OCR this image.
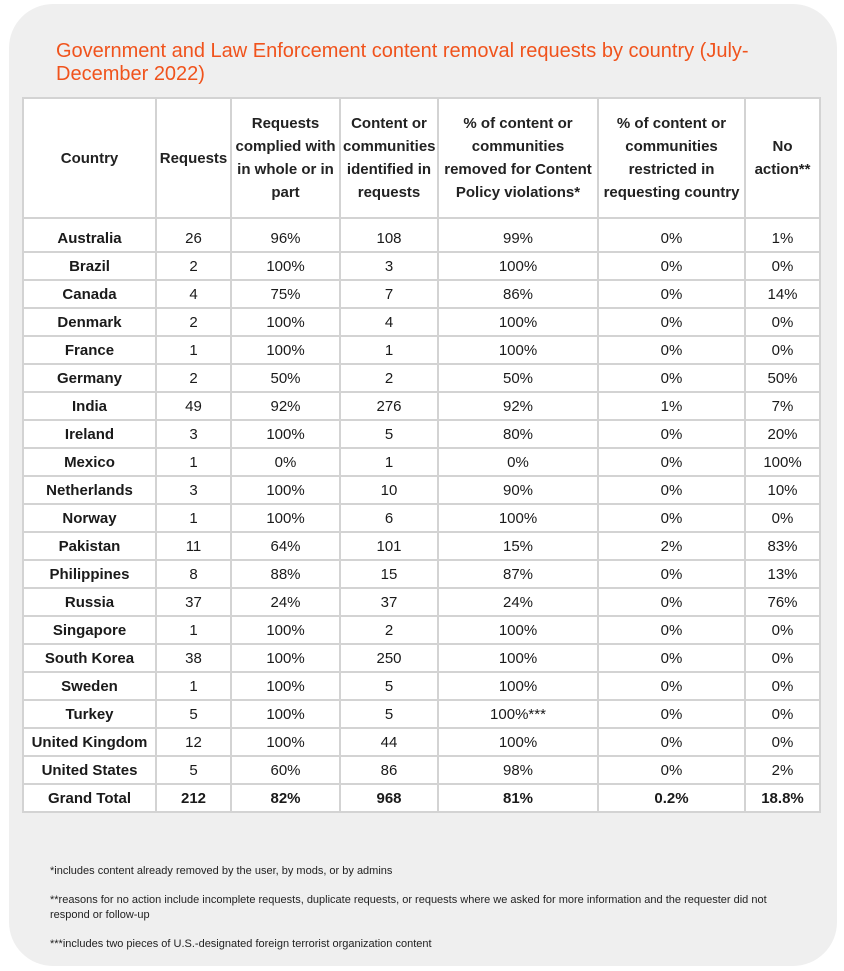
Government and Law Enforcement content removal requests by country (July-December 2022)
Country	Requests	Requests complied with in whole or in part	Content or communities identified in requests	% of content or communities removed for Content Policy violations*	% of content or communities restricted in requesting country	No action**
Australia	26	96%	108	99%	0%	1%
Brazil	2	100%	3	100%	0%	0%
Canada	4	75%	7	86%	0%	14%
Denmark	2	100%	4	100%	0%	0%
France	1	100%	1	100%	0%	0%
Germany	2	50%	2	50%	0%	50%
India	49	92%	276	92%	1%	7%
Ireland	3	100%	5	80%	0%	20%
Mexico	1	0%	1	0%	0%	100%
Netherlands	3	100%	10	90%	0%	10%
Norway	1	100%	6	100%	0%	0%
Pakistan	11	64%	101	15%	2%	83%
Philippines	8	88%	15	87%	0%	13%
Russia	37	24%	37	24%	0%	76%
Singapore	1	100%	2	100%	0%	0%
South Korea	38	100%	250	100%	0%	0%
Sweden	1	100%	5	100%	0%	0%
Turkey	5	100%	5	100%***	0%	0%
United Kingdom	12	100%	44	100%	0%	0%
United States	5	60%	86	98%	0%	2%
Grand Total	212	82%	968	81%	0.2%	18.8%

*includes content already removed by the user, by mods, or by admins

**reasons for no action include incomplete requests, duplicate requests, or requests where we asked for more information and the requester did not respond or follow-up

***includes two pieces of U.S.-designated foreign terrorist organization content
